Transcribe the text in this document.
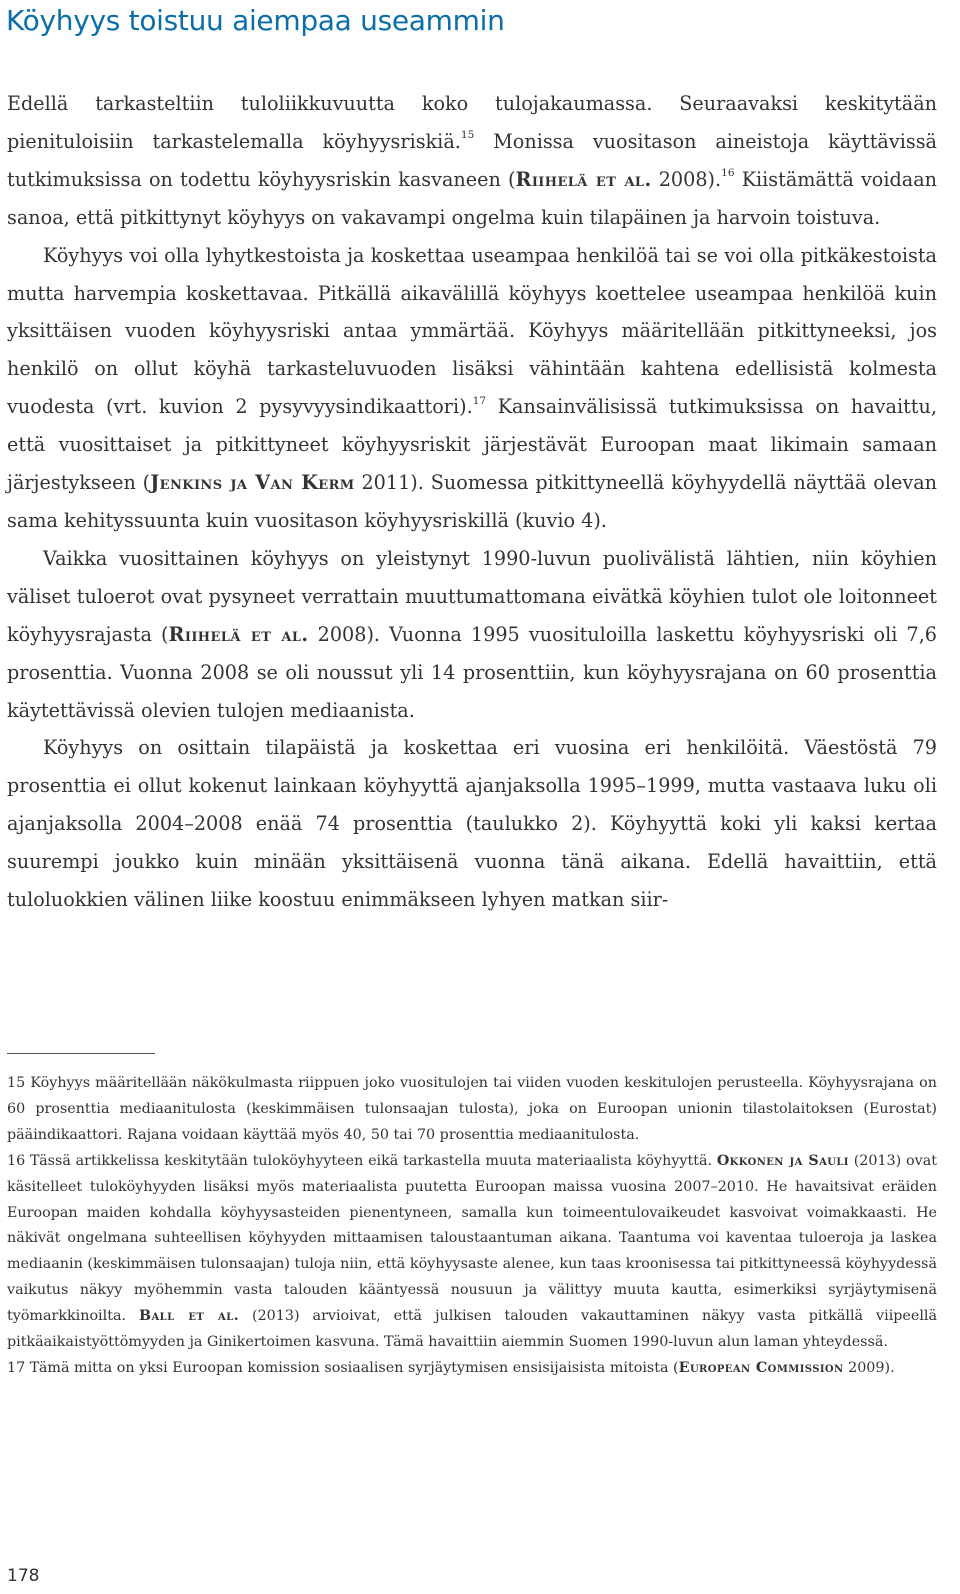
Köyhyys toistuu aiempaa useammin

Edellä tarkasteltiin tuloliikkuvuutta koko tulojakaumassa. Seuraavaksi keskitytään pienituloisiin tarkastelemalla köyhyysriskiä.$^{15}$ Monissa vuositason aineistoja käyttävissä tutkimuksissa on todettu köyhyysriskin kasvaneen (Riihelä et al. 2008).$^{16}$ Kiistämättä voidaan sanoa, että pitkittynyt köyhyys on vakavampi ongelma kuin tilapäinen ja harvoin toistuva.

Köyhyys voi olla lyhytkestoista ja koskettaa useampaa henkilöä tai se voi olla pitkäkestoista mutta harvempia koskettavaa. Pitkällä aikavälillä köyhyys koettelee useampaa henkilöä kuin yksittäisen vuoden köyhyysriski antaa ymmärtää. Köyhyys määritellään pitkittyneeksi, jos henkilö on ollut köyhä tarkasteluvuoden lisäksi vähintään kahtena edellisistä kolmesta vuodesta (vrt. kuvion 2 pysyvyysindikaattori).$^{17}$ Kansainvälisissä tutkimuksissa on havaittu, että vuosittaiset ja pitkittyneet köyhyysriskit järjestävät Euroopan maat likimain samaan järjestykseen (Jenkins ja Van Kerm 2011). Suomessa pitkittyneellä köyhyydellä näyttää olevan sama kehityssuunta kuin vuositason köyhyysriskillä (kuvio 4).

Vaikka vuosittainen köyhyys on yleistynyt 1990-luvun puolivälistä lähtien, niin köyhien väliset tuloerot ovat pysyneet verrattain muuttumattomana eivätkä köyhien tulot ole loitonneet köyhyysrajasta (Riihelä et al. 2008). Vuonna 1995 vuosituloilla laskettu köyhyysriski oli 7,6 prosenttia. Vuonna 2008 se oli noussut yli 14 prosenttiin, kun köyhyysrajana on 60 prosenttia käytettävissä olevien tulojen mediaanista.

Köyhyys on osittain tilapäistä ja koskettaa eri vuosina eri henkilöitä. Väestöstä 79 prosenttia ei ollut kokenut lainkaan köyhyyttä ajanjaksolla 1995–1999, mutta vastaava luku oli ajanjaksolla 2004–2008 enää 74 prosenttia (taulukko 2). Köyhyyttä koki yli kaksi kertaa suurempi joukko kuin minään yksittäisenä vuonna tänä aikana. Edellä havaittiin, että tuloluokkien välinen liike koostuu enimmäkseen lyhyen matkan siir-

15 Köyhyys määritellään näkökulmasta riippuen joko vuositulojen tai viiden vuoden keskitulojen perusteella. Köyhyysrajana on 60 prosenttia mediaanitulosta (keskimmäisen tulonsaajan tulosta), joka on Euroopan unionin tilastolaitoksen (Eurostat) pääindikaattori. Rajana voidaan käyttää myös 40, 50 tai 70 prosenttia mediaanitulosta.

16 Tässä artikkelissa keskitytään tuloköyhyyteen eikä tarkastella muuta materiaalista köyhyyttä. Okkonen ja Sauli (2013) ovat käsitelleet tuloköyhyyden lisäksi myös materiaalista puutetta Euroopan maissa vuosina 2007–2010. He havaitsivat eräiden Euroopan maiden kohdalla köyhyysasteiden pienentyneen, samalla kun toimeentulovaikeudet kasvoivat voimakkaasti. He näkivät ongelmana suhteellisen köyhyyden mittaamisen taloustaantuman aikana. Taantuma voi kaventaa tuloeroja ja laskea mediaanin (keskimmäisen tulonsaajan) tuloja niin, että köyhyysaste alenee, kun taas kroonisessa tai pitkittyneessä köyhyydessä vaikutus näkyy myöhemmin vasta talouden kääntyessä nousuun ja välittyy muuta kautta, esimerkiksi syrjäytymisenä työmarkkinoilta. Ball et al. (2013) arvioivat, että julkisen talouden vakauttaminen näkyy vasta pitkällä viipeellä pitkäaikaistyöttömyyden ja Ginikertoimen kasvuna. Tämä havaittiin aiemmin Suomen 1990-luvun alun laman yhteydessä.

17 Tämä mitta on yksi Euroopan komission sosiaalisen syrjäytymisen ensisijaisista mitoista (European Commission 2009).

178
